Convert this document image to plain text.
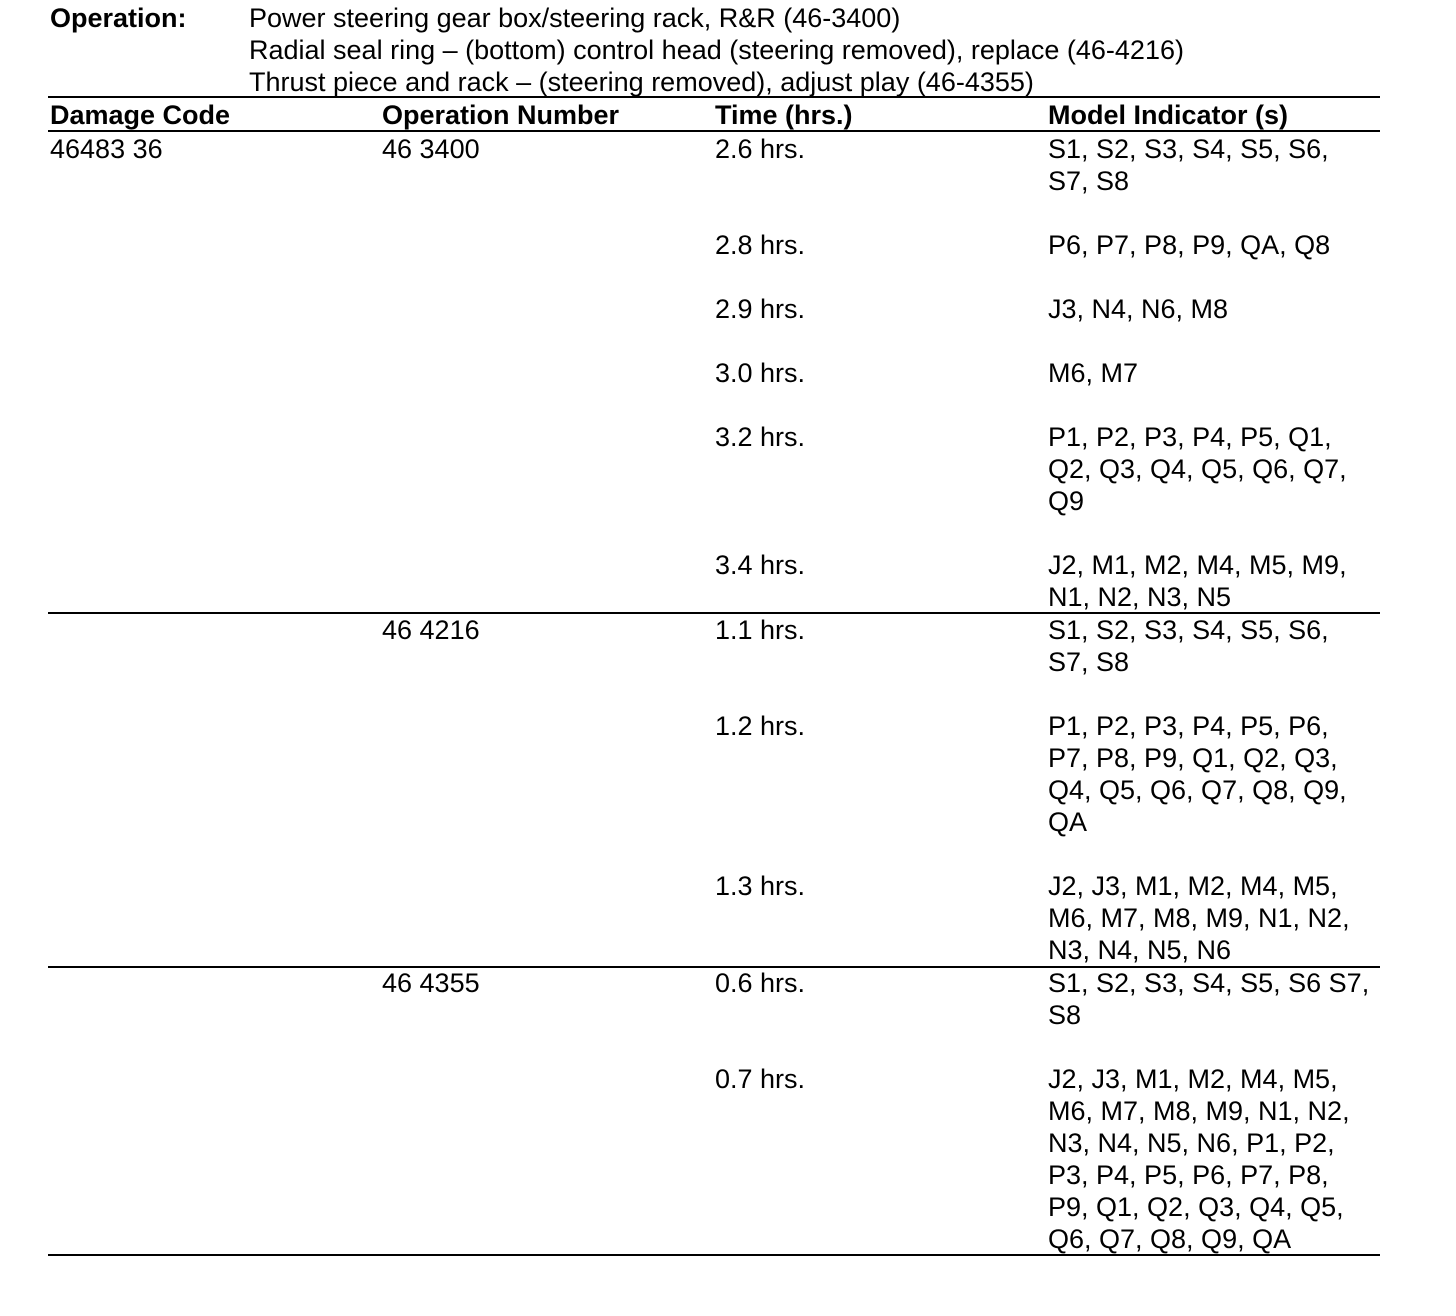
Operation: Power steering gear box/steering rack, R&R (46-3400)
Radial seal ring – (bottom) control head (steering removed), replace (46-4216)
Thrust piece and rack – (steering removed), adjust play (46-4355)
Damage Code	Operation Number	Time (hrs.)	Model Indicator (s)
46483 36	46 3400	2.6 hrs.	S1, S2, S3, S4, S5, S6,
S7, S8
2.8 hrs.	P6, P7, P8, P9, QA, Q8
2.9 hrs.	J3, N4, N6, M8
3.0 hrs.	M6, M7
3.2 hrs.	P1, P2, P3, P4, P5, Q1,
Q2, Q3, Q4, Q5, Q6, Q7,
Q9
3.4 hrs.	J2, M1, M2, M4, M5, M9,
N1, N2, N3, N5
46 4216	1.1 hrs.	S1, S2, S3, S4, S5, S6,
S7, S8
1.2 hrs.	P1, P2, P3, P4, P5, P6,
P7, P8, P9, Q1, Q2, Q3,
Q4, Q5, Q6, Q7, Q8, Q9,
QA
1.3 hrs.	J2, J3, M1, M2, M4, M5,
M6, M7, M8, M9, N1, N2,
N3, N4, N5, N6
46 4355	0.6 hrs.	S1, S2, S3, S4, S5, S6 S7,
S8
0.7 hrs.	J2, J3, M1, M2, M4, M5,
M6, M7, M8, M9, N1, N2,
N3, N4, N5, N6, P1, P2,
P3, P4, P5, P6, P7, P8,
P9, Q1, Q2, Q3, Q4, Q5,
Q6, Q7, Q8, Q9, QA
